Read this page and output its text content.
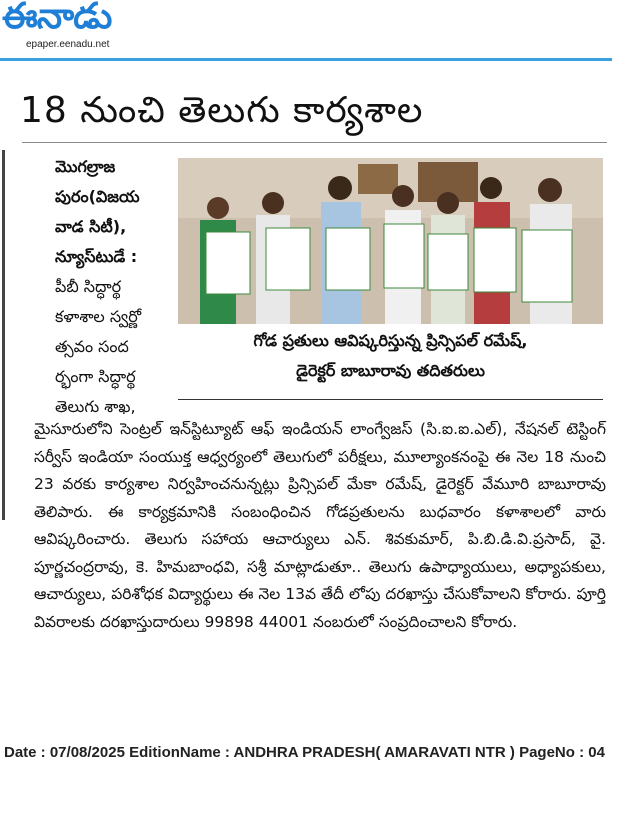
ఈనాడు
epaper.eenadu.net
18 నుంచి తెలుగు కార్యశాల

మొగల్రాజ

పురం(విజయ

వాడ సిటీ),

న్యూస్‌టుడే :

పీబీ సిద్ధార్థ

కళాశాల స్వర్ణో

త్సవం సంద

ర్భంగా సిద్ధార్థ

తెలుగు శాఖ,

గోడ ప్రతులు ఆవిష్కరిస్తున్న ప్రిన్సిపల్ రమేష్,
డైరెక్టర్ బాబూరావు తదితరులు

మైసూరులోని సెంట్రల్ ఇన్‌స్టిట్యూట్ ఆఫ్ ఇండియన్ లాంగ్వేజస్ (సి.ఐ.ఐ.ఎల్), నేషనల్ టెస్టింగ్ సర్వీస్ ఇండియా సంయుక్త ఆధ్వర్యంలో తెలుగులో పరీక్షలు, మూల్యాంకనంపై ఈ నెల 18 నుంచి 23 వరకు కార్యశాల నిర్వహించనున్నట్లు ప్రిన్సిపల్ మేకా రమేష్, డైరెక్టర్ వేమూరి బాబూరావు తెలిపారు. ఈ కార్యక్రమానికి సంబంధించిన గోడప్రతులను బుధవారం కళాశాలలో వారు ఆవిష్కరించారు. తెలుగు సహాయ ఆచార్యులు ఎన్. శివకుమార్, పి.బి.డి.వి.ప్రసాద్, వై. పూర్ణచంద్రరావు, కె. హిమబాంధవి, సశ్రీ మాట్లాడుతూ.. తెలుగు ఉపాధ్యాయులు, అధ్యాపకులు, ఆచార్యులు, పరిశోధక విద్యార్థులు ఈ నెల 13వ తేదీ లోపు దరఖాస్తు చేసుకోవాలని కోరారు. పూర్తి వివరాలకు దరఖాస్తుదారులు 99898 44001 నంబరులో సంప్రదించాలని కోరారు.

Date : 07/08/2025 EditionName : ANDHRA PRADESH( AMARAVATI NTR ) PageNo : 04
